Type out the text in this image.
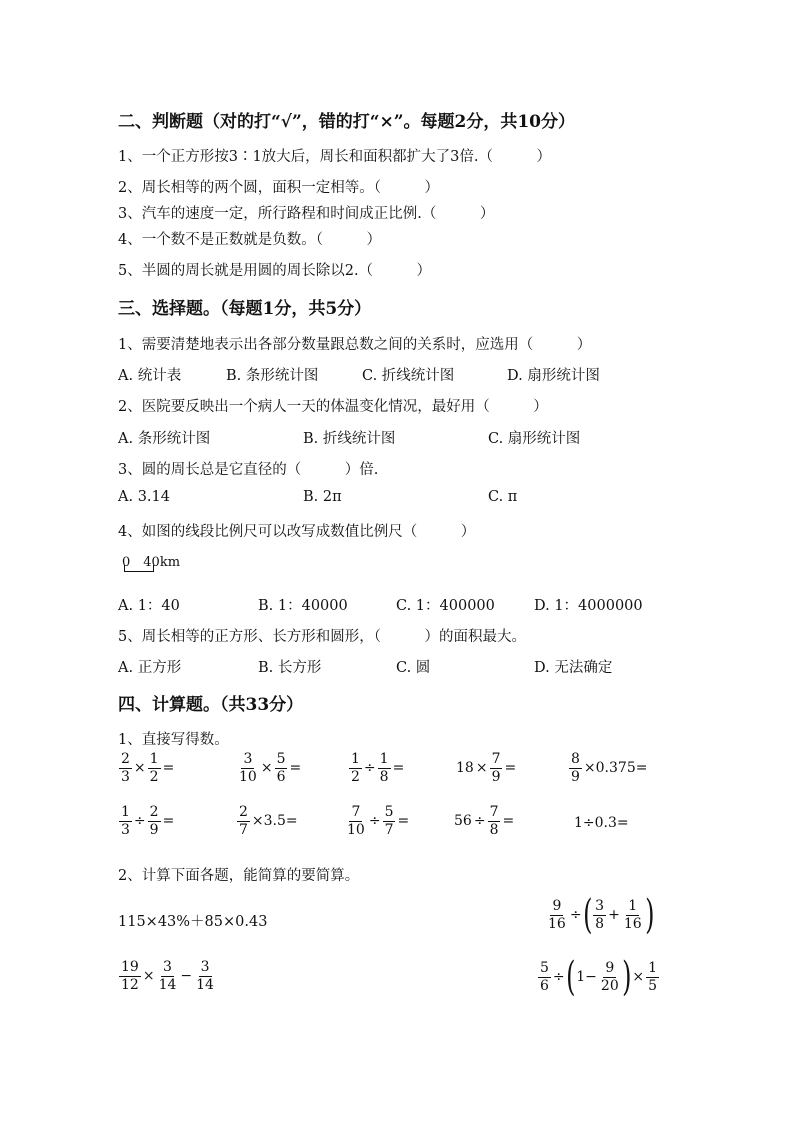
二、判断题（对的打“√”，错的打“×”。每题2分，共10分）
1、一个正方形按3∶1放大后，周长和面积都扩大了3倍.（　　　）
2、周长相等的两个圆，面积一定相等。（　　　）
3、汽车的速度一定，所行路程和时间成正比例.（　　　）
4、一个数不是正数就是负数。（　　　）
5、半圆的周长就是用圆的周长除以2.（　　　）
三、选择题。（每题1分，共5分）
1、需要清楚地表示出各部分数量跟总数之间的关系时，应选用（　　　）
A. 统计表	B. 条形统计图	C. 折线统计图	D. 扇形统计图
2、医院要反映出一个病人一天的体温变化情况，最好用（　　　）
A. 条形统计图	B. 折线统计图	C. 扇形统计图
3、圆的周长总是它直径的（　　　）倍.
A. 3.14	B. 2π	C. π
4、如图的线段比例尺可以改写成数值比例尺（　　　）
0　40km
A. 1：40	B. 1：40000	C. 1：400000	D. 1：4000000
5、周长相等的正方形、长方形和圆形，（　　　）的面积最大。
A. 正方形	B. 长方形	C. 圆	D. 无法确定
四、计算题。（共33分）
1、直接写得数。
$\frac{2}{3} \times \frac{1}{2}$ =	$\frac{3}{10} \times \frac{5}{6}$ =	$\frac{1}{2} \div \frac{1}{8}$ =	$18 \times \frac{7}{9}$ =	$\frac{8}{9} \times 0.375=$
$\frac{1}{3} \div \frac{2}{9}$ =	$\frac{2}{7} \times 3.5=$	$\frac{7}{10} \div \frac{5}{7}$ =	$56 \div \frac{7}{8}$ =	1÷0.3=
2、计算下面各题，能简算的要简算。
115×43%＋85×0.43	$\frac{9}{16}$ ÷ ( $\frac{3}{8} + \frac{1}{16}$ )
$\frac{19}{12} \times \frac{3}{14} - \frac{3}{14}$	$\frac{5}{6}$ ÷ ( $1- \frac{9}{20}$ ) × $\frac{1}{5}$
